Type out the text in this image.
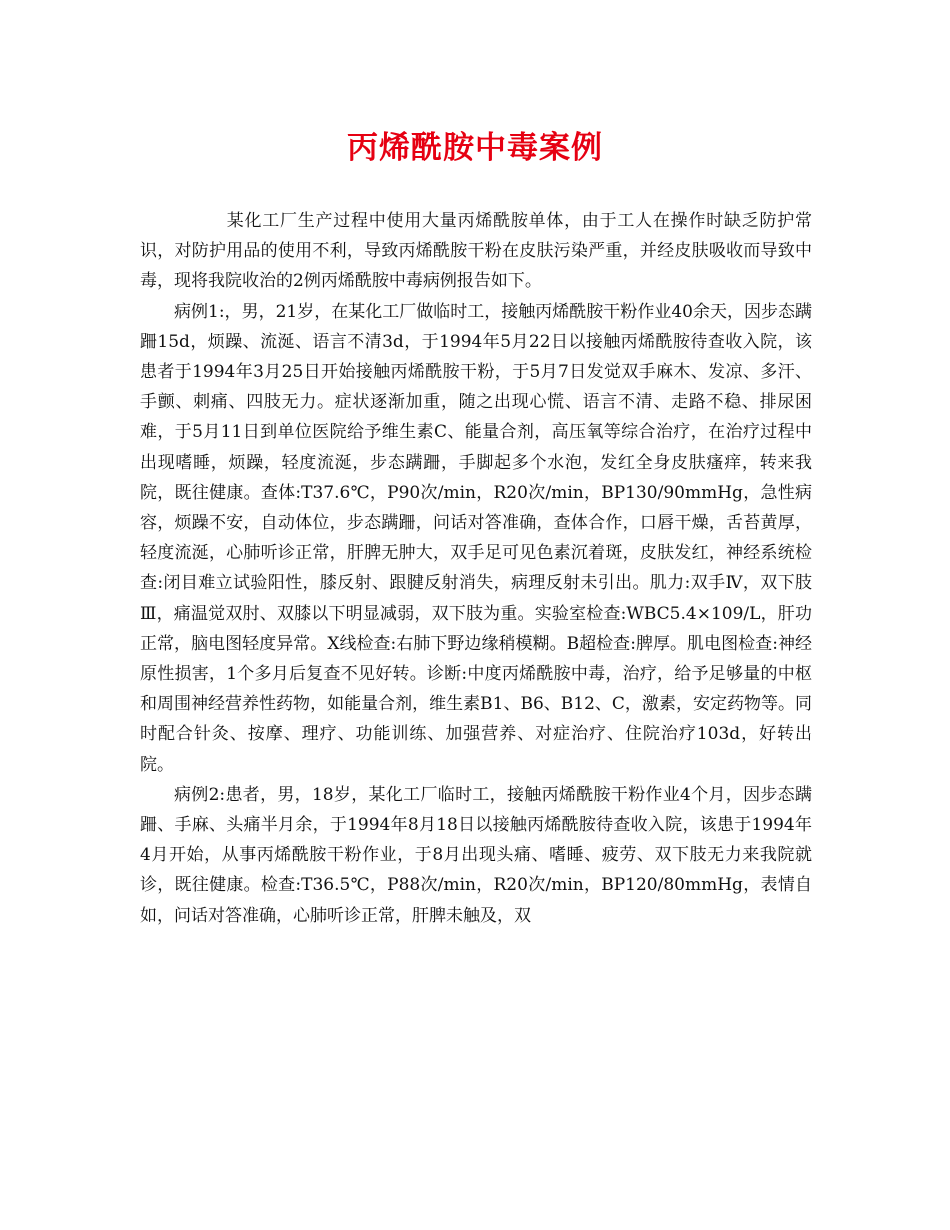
丙烯酰胺中毒案例

某化工厂生产过程中使用大量丙烯酰胺单体，由于工人在操作时缺乏防护常识，对防护用品的使用不利，导致丙烯酰胺干粉在皮肤污染严重，并经皮肤吸收而导致中毒，现将我院收治的2例丙烯酰胺中毒病例报告如下。

病例1:，男，21岁，在某化工厂做临时工，接触丙烯酰胺干粉作业40余天，因步态蹒跚15d，烦躁、流涎、语言不清3d，于1994年5月22日以接触丙烯酰胺待查收入院，该患者于1994年3月25日开始接触丙烯酰胺干粉，于5月7日发觉双手麻木、发凉、多汗、手颤、刺痛、四肢无力。症状逐渐加重，随之出现心慌、语言不清、走路不稳、排尿困难，于5月11日到单位医院给予维生素C、能量合剂，高压氧等综合治疗，在治疗过程中出现嗜睡，烦躁，轻度流涎，步态蹒跚，手脚起多个水泡，发红全身皮肤瘙痒，转来我院，既往健康。查体:T37.6℃，P90次/min，R20次/min，BP130/90mmHg，急性病容，烦躁不安，自动体位，步态蹒跚，问话对答准确，查体合作，口唇干燥，舌苔黄厚，轻度流涎，心肺听诊正常，肝脾无肿大，双手足可见色素沉着斑，皮肤发红，神经系统检查:闭目难立试验阳性，膝反射、跟腱反射消失，病理反射未引出。肌力:双手Ⅳ，双下肢Ⅲ，痛温觉双肘、双膝以下明显减弱，双下肢为重。实验室检查:WBC5.4×109/L，肝功正常，脑电图轻度异常。X线检查:右肺下野边缘稍模糊。B超检查:脾厚。肌电图检查:神经原性损害，1个多月后复查不见好转。诊断:中度丙烯酰胺中毒，治疗，给予足够量的中枢和周围神经营养性药物，如能量合剂，维生素B1、B6、B12、C，激素，安定药物等。同时配合针灸、按摩、理疗、功能训练、加强营养、对症治疗、住院治疗103d，好转出院。

病例2:患者，男，18岁，某化工厂临时工，接触丙烯酰胺干粉作业4个月，因步态蹒跚、手麻、头痛半月余，于1994年8月18日以接触丙烯酰胺待查收入院，该患于1994年4月开始，从事丙烯酰胺干粉作业，于8月出现头痛、嗜睡、疲劳、双下肢无力来我院就诊，既往健康。检查:T36.5℃，P88次/min，R20次/min，BP120/80mmHg，表情自如，问话对答准确，心肺听诊正常，肝脾未触及，双
